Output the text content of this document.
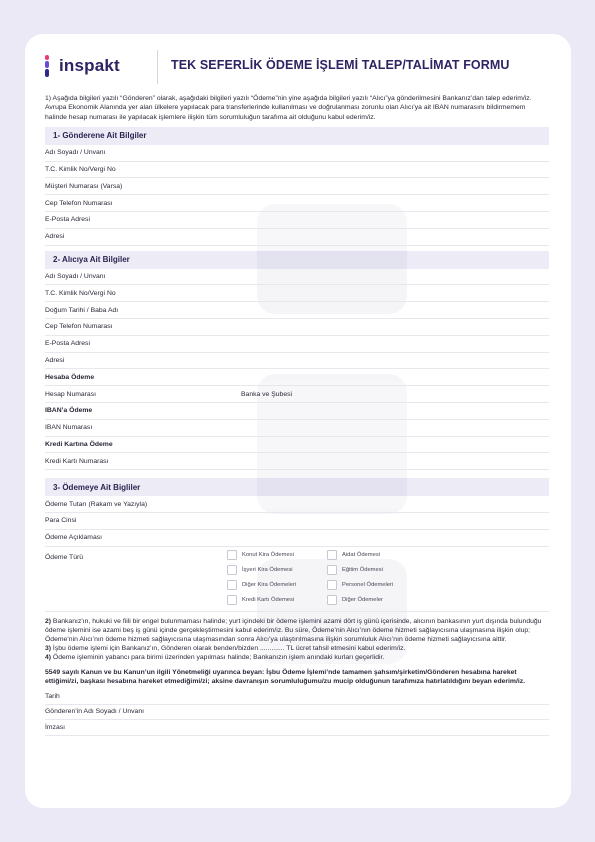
inspakt	TEK SEFERLİK ÖDEME İŞLEMİ TALEP/TALİMAT FORMU

1) Aşağıda bilgileri yazılı “Gönderen” olarak, aşağıdaki bilgileri yazılı “Ödeme”nin yine aşağıda bilgileri yazılı “Alıcı”ya gönderilmesini Bankanız’dan talep ederim/iz. Avrupa Ekonomik Alanında yer alan ülkelere yapılacak para transferlerinde kullanılması ve doğrulanması zorunlu olan Alıcı’ya ait IBAN numarasını bildirmemem halinde hesap numarası ile yapılacak işlemlere ilişkin tüm sorumluluğun tarafıma ait olduğunu kabul ederim/iz.

1- Gönderene Ait Bilgiler
Adı Soyadı / Unvanı
T.C. Kimlik No/Vergi No
Müşteri Numarası (Varsa)
Cep Telefon Numarası
E-Posta Adresi
Adresi
2- Alıcıya Ait Bilgiler
Adı Soyadı / Unvanı
T.C. Kimlik No/Vergi No
Doğum Tarihi / Baba Adı
Cep Telefon Numarası
E-Posta Adresi
Adresi
Hesaba Ödeme
Hesap Numarası	Banka ve Şubesi
IBAN’a Ödeme
IBAN Numarası
Kredi Kartına Ödeme
Kredi Kartı Numarası
3- Ödemeye Ait Bigliler
Ödeme Tutarı (Rakam ve Yazıyla)
Para Cinsi
Ödeme Açıklaması
Ödeme Türü	Konut Kira Ödemesi	Aidat Ödemesi
İşyeri Kira Ödemesi	Eğitim Ödemesi
Diğer Kira Ödemeleri	Personel Ödemeleri
Kredi Kartı Ödemesi	Diğer Ödemeler

2) Bankanız’ın, hukuki ve fiili bir engel bulunmaması halinde; yurt içindeki bir ödeme işlemini azami dört iş günü içerisinde, alıcının bankasının yurt dışında bulunduğu ödeme işlemini ise azami beş iş günü içinde gerçekleştirmesini kabul ederim/iz. Bu süre, Ödeme’nin Alıcı’nın ödeme hizmeti sağlayıcısına ulaşmasına ilişkin olup; Ödeme’nin Alıcı’nın ödeme hizmeti sağlayıcısına ulaşmasından sonra Alıcı’ya ulaştırılmasına ilişkin sorumluluk Alıcı’nın ödeme hizmeti sağlayıcısına aittir.

3) İşbu ödeme işlemi için Bankanız’ın, Gönderen olarak benden/bizden ............. TL ücret tahsil etmesini kabul ederim/iz.

4) Ödeme işleminin yabancı para birimi üzerinden yapılması halinde; Bankanızın işlem anındaki kurları geçerlidir.

5549 sayılı Kanun ve bu Kanun’un ilgili Yönetmeliği uyarınca beyan: İşbu Ödeme İşlemi’nde tamamen şahsım/şirketim/Gönderen hesabına hareket ettiğimi/zi, başkası hesabına hareket etmediğimi/zi; aksine davranışın sorumluluğumu/zu mucip olduğunun tarafımıza hatırlatıldığını beyan ederim/iz.
Tarih
Gönderen’in Adı Soyadı / Unvanı
İmzası
